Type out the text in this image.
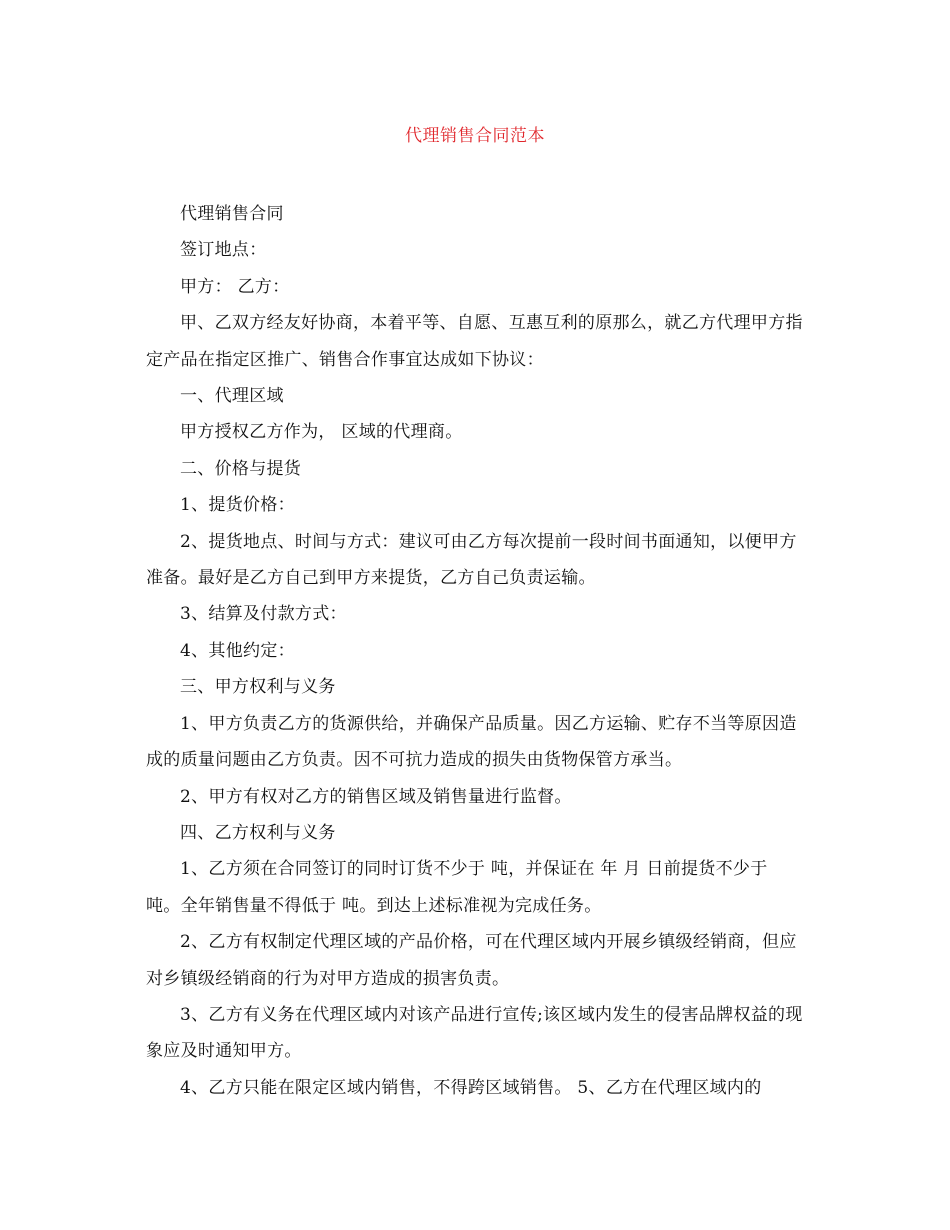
代理销售合同范本

代理销售合同

签订地点：

甲方： 乙方：

甲、乙双方经友好协商，本着平等、自愿、互惠互利的原那么，就乙方代理甲方指定产品在指定区推广、销售合作事宜达成如下协议：

一、代理区域

甲方授权乙方作为， 区域的代理商。

二、价格与提货

1、提货价格：

2、提货地点、时间与方式：建议可由乙方每次提前一段时间书面通知，以便甲方准备。最好是乙方自己到甲方来提货，乙方自己负责运输。

3、结算及付款方式：

4、其他约定：

三、甲方权利与义务

1、甲方负责乙方的货源供给，并确保产品质量。因乙方运输、贮存不当等原因造成的质量问题由乙方负责。因不可抗力造成的损失由货物保管方承当。

2、甲方有权对乙方的销售区域及销售量进行监督。

四、乙方权利与义务

1、乙方须在合同签订的同时订货不少于 吨，并保证在 年 月 日前提货不少于 吨。全年销售量不得低于 吨。到达上述标准视为完成任务。

2、乙方有权制定代理区域的产品价格，可在代理区域内开展乡镇级经销商，但应对乡镇级经销商的行为对甲方造成的损害负责。

3、乙方有义务在代理区域内对该产品进行宣传;该区域内发生的侵害品牌权益的现象应及时通知甲方。

4、乙方只能在限定区域内销售，不得跨区域销售。 5、乙方在代理区域内的
